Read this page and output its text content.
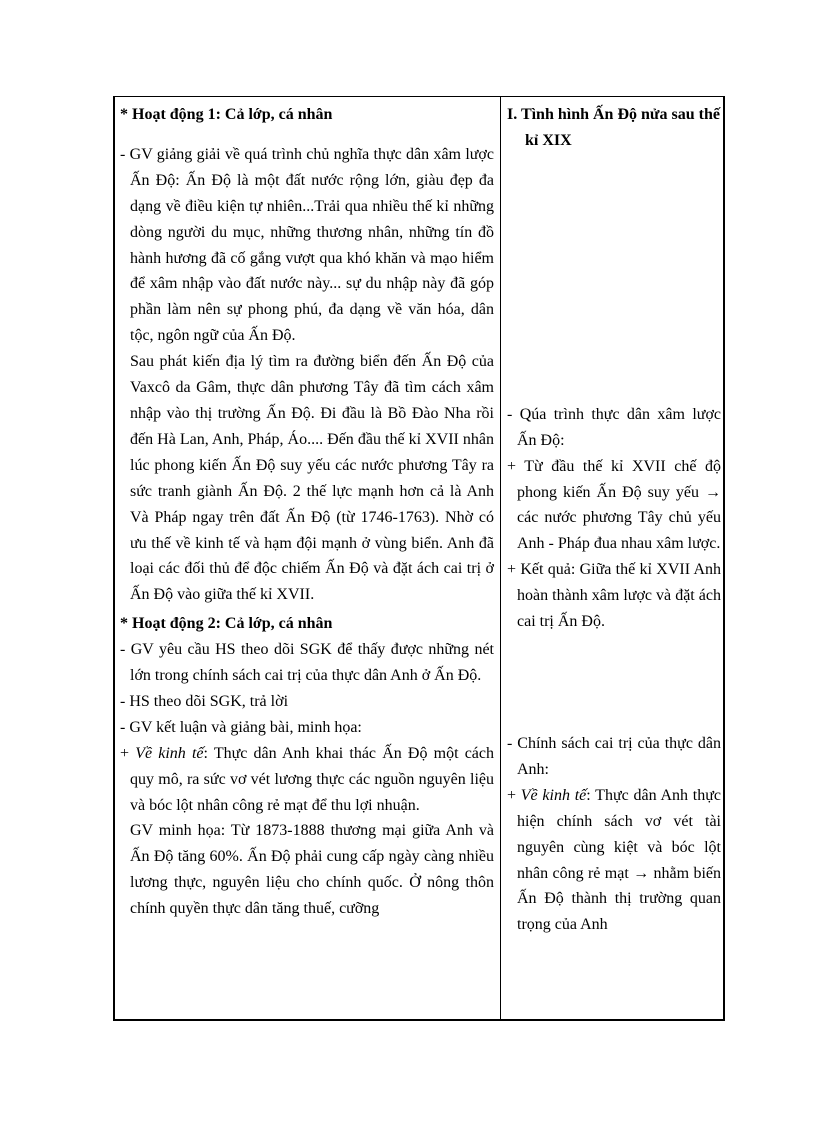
* Hoạt động 1: Cả lớp, cá nhân

- GV giảng giải về quá trình chủ nghĩa thực dân xâm lược Ấn Độ: Ấn Độ là một đất nước rộng lớn, giàu đẹp đa dạng về điều kiện tự nhiên...Trải qua nhiều thế kỉ những dòng người du mục, những thương nhân, những tín đồ hành hương đã cố gắng vượt qua khó khăn và mạo hiểm để xâm nhập vào đất nước này... sự du nhập này đã góp phần làm nên sự phong phú, đa dạng về văn hóa, dân tộc, ngôn ngữ của Ấn Độ.

Sau phát kiến địa lý tìm ra đường biển đến Ấn Độ của Vaxcô da Gâm, thực dân phương Tây đã tìm cách xâm nhập vào thị trường Ấn Độ. Đi đầu là Bồ Đào Nha rồi đến Hà Lan, Anh, Pháp, Áo.... Đến đầu thế kỉ XVII nhân lúc phong kiến Ấn Độ suy yếu các nước phương Tây ra sức tranh giành Ấn Độ. 2 thế lực mạnh hơn cả là Anh Và Pháp ngay trên đất Ấn Độ (từ 1746-1763). Nhờ có ưu thế về kinh tế và hạm đội mạnh ở vùng biển. Anh đã loại các đối thủ để độc chiếm Ấn Độ và đặt ách cai trị ở Ấn Độ vào giữa thế kỉ XVII.

* Hoạt động 2: Cả lớp, cá nhân

- GV yêu cầu HS theo dõi SGK để thấy được những nét lớn trong chính sách cai trị của thực dân Anh ở Ấn Độ.

- HS theo dõi SGK, trả lời

- GV kết luận và giảng bài, minh họa:

+ Về kinh tế: Thực dân Anh khai thác Ấn Độ một cách quy mô, ra sức vơ vét lương thực các nguồn nguyên liệu và bóc lột nhân công rẻ mạt để thu lợi nhuận.

GV minh họa: Từ 1873-1888 thương mại giữa Anh và Ấn Độ tăng 60%. Ấn Độ phải cung cấp ngày càng nhiều lương thực, nguyên liệu cho chính quốc. Ở nông thôn chính quyền thực dân tăng thuế, cưỡng

I. Tình hình Ấn Độ nửa sau thế kỉ XIX

- Qúa trình thực dân xâm lược Ấn Độ:

+ Từ đầu thế kỉ XVII chế độ phong kiến Ấn Độ suy yếu → các nước phương Tây chủ yếu Anh - Pháp đua nhau xâm lược.

+ Kết quả: Giữa thế kỉ XVII Anh hoàn thành xâm lược và đặt ách cai trị Ấn Độ.

- Chính sách cai trị của thực dân Anh:

+ Về kinh tế: Thực dân Anh thực hiện chính sách vơ vét tài nguyên cùng kiệt và bóc lột nhân công rẻ mạt → nhằm biến Ấn Độ thành thị trường quan trọng của Anh
